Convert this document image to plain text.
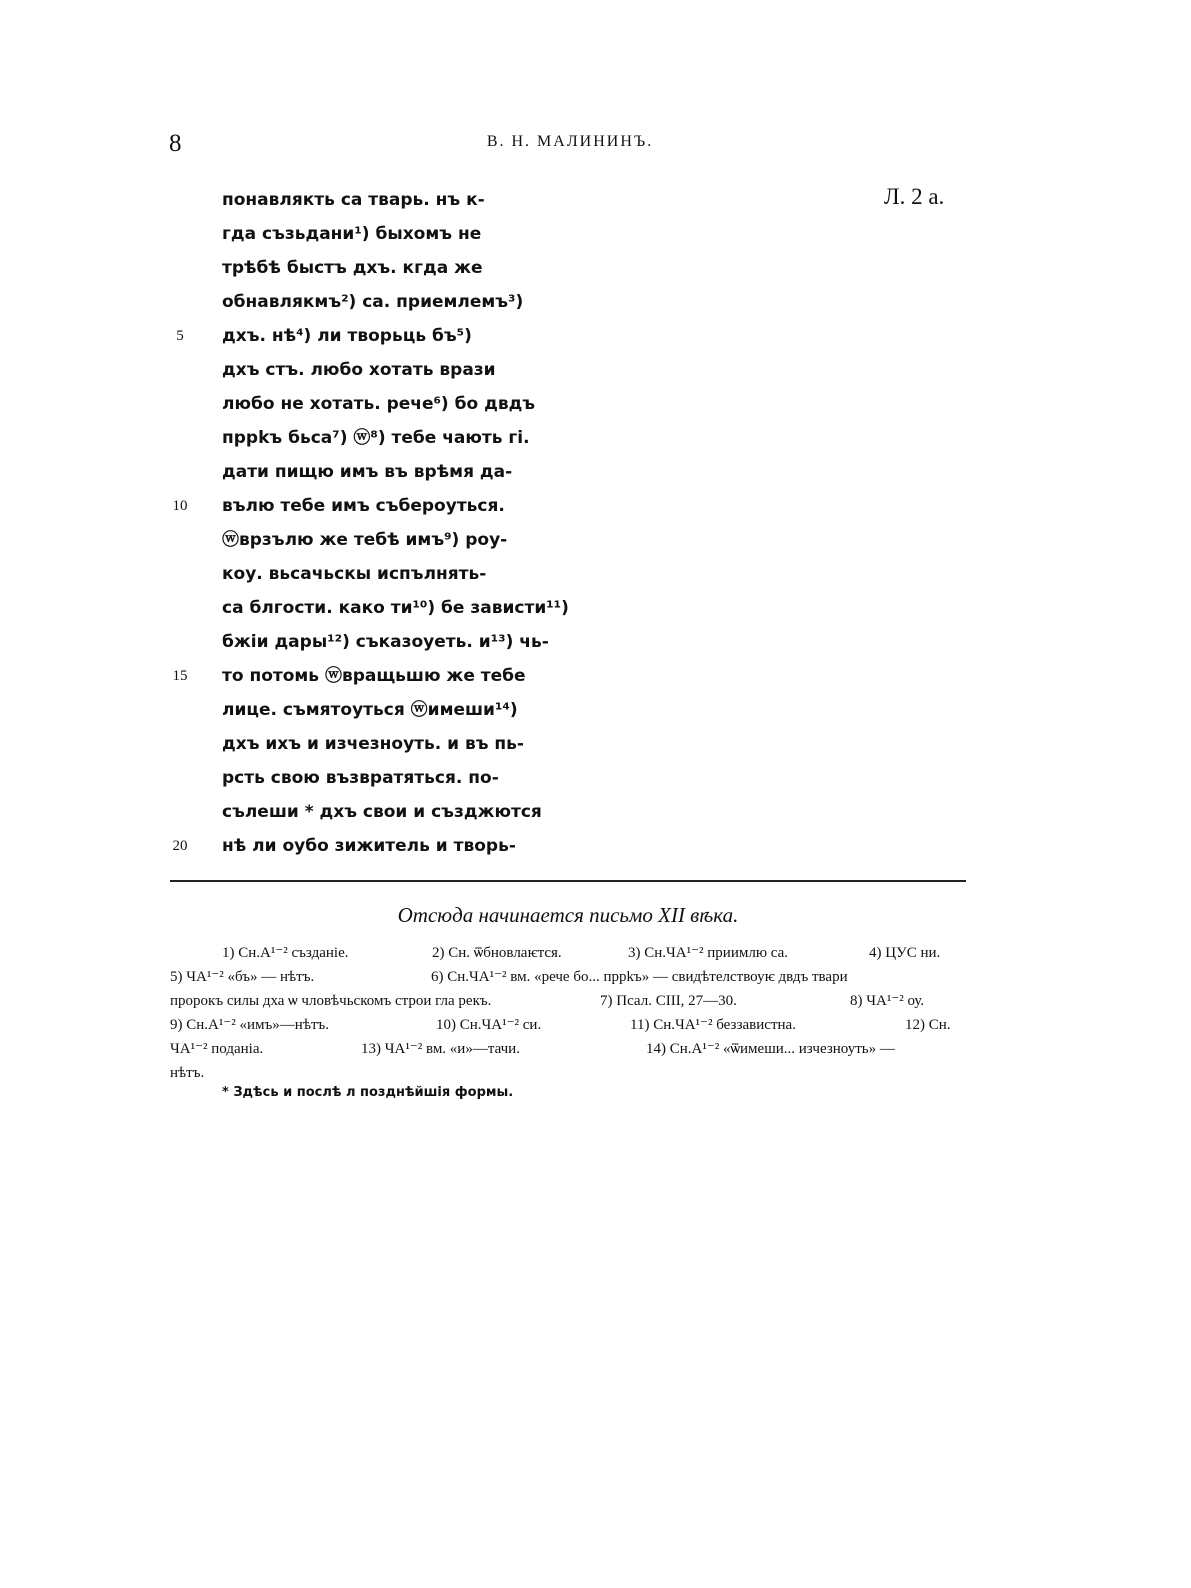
8	В. Н. МАЛИНИНЪ.
Л. 2 а.
понавлякть са тварь. нъ к-
гда съзьдани¹) быхомъ не
трѣбѣ быстъ дхъ. кгда же
обнавлякмъ²) са. приемлемъ³)
дхъ. нѣ⁴) ли творьць бъ⁵)
дхъ стъ. любо хотать врази
любо не хотать. рече⁶) бо двдъ
пррkъ бьсa⁷) ⓦ⁸) тебе чають гi.
дати пищю имъ въ врѣмя да-
вълю тебе имъ събероуться.
ⓦврзълю же тебѣ имъ⁹) роу-
коу. вьсачьскы испълнять-
са блгости. како ти¹⁰) бе зависти¹¹)
бжiи дары¹²) съказоуеть. и¹³) чь-
то потомь ⓦвращьшю же тебе
лице. съмятоуться ⓦимеши¹⁴)
дхъ ихъ и изчезноуть. и въ пь-
рсть свою възвратяться. по-
сълеши * дхъ свои и създжются
нѣ ли оубо зижитель и творь-
5
10
15
20
Отсюда начинается письмо XII вѣка.
1) Сн.А¹⁻² създанiе.	2) Сн. ѿбновлаѥтся.	3) Сн.ЧА¹⁻² приимлю са.	4) ЦУС ни.
5) ЧА¹⁻² «бъ» — нѣтъ.	6) Сн.ЧА¹⁻² вм. «рече бо... пррkъ» — свидѣтелствоуѥ двдъ твари
пророкъ силы дха ѡ чловѣчьскомъ строи гла рекъ.	7) Псал. CIII, 27—30.	8) ЧА¹⁻² оу.
9) Сн.А¹⁻² «имъ»—нѣтъ.	10) Сн.ЧА¹⁻² си.	11) Сн.ЧА¹⁻² беззавистна.	12) Сн.
ЧА¹⁻² поданiа.	13) ЧА¹⁻² вм. «и»—тачи.	14) Сн.А¹⁻² «ѿимеши... изчезноуть» —
нѣтъ.
* Здѣсь и послѣ л позднѣйшiя формы.
